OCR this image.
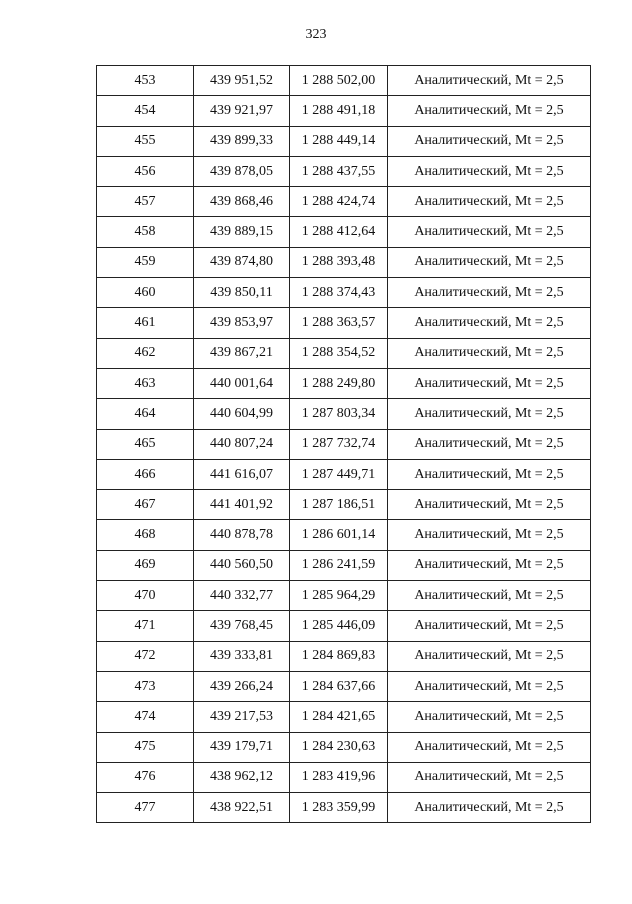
323
453	439 951,52	1 288 502,00	Аналитический, Mt = 2,5
454	439 921,97	1 288 491,18	Аналитический, Mt = 2,5
455	439 899,33	1 288 449,14	Аналитический, Mt = 2,5
456	439 878,05	1 288 437,55	Аналитический, Mt = 2,5
457	439 868,46	1 288 424,74	Аналитический, Mt = 2,5
458	439 889,15	1 288 412,64	Аналитический, Mt = 2,5
459	439 874,80	1 288 393,48	Аналитический, Mt = 2,5
460	439 850,11	1 288 374,43	Аналитический, Mt = 2,5
461	439 853,97	1 288 363,57	Аналитический, Mt = 2,5
462	439 867,21	1 288 354,52	Аналитический, Mt = 2,5
463	440 001,64	1 288 249,80	Аналитический, Mt = 2,5
464	440 604,99	1 287 803,34	Аналитический, Mt = 2,5
465	440 807,24	1 287 732,74	Аналитический, Mt = 2,5
466	441 616,07	1 287 449,71	Аналитический, Mt = 2,5
467	441 401,92	1 287 186,51	Аналитический, Mt = 2,5
468	440 878,78	1 286 601,14	Аналитический, Mt = 2,5
469	440 560,50	1 286 241,59	Аналитический, Mt = 2,5
470	440 332,77	1 285 964,29	Аналитический, Mt = 2,5
471	439 768,45	1 285 446,09	Аналитический, Mt = 2,5
472	439 333,81	1 284 869,83	Аналитический, Mt = 2,5
473	439 266,24	1 284 637,66	Аналитический, Mt = 2,5
474	439 217,53	1 284 421,65	Аналитический, Mt = 2,5
475	439 179,71	1 284 230,63	Аналитический, Mt = 2,5
476	438 962,12	1 283 419,96	Аналитический, Mt = 2,5
477	438 922,51	1 283 359,99	Аналитический, Mt = 2,5
